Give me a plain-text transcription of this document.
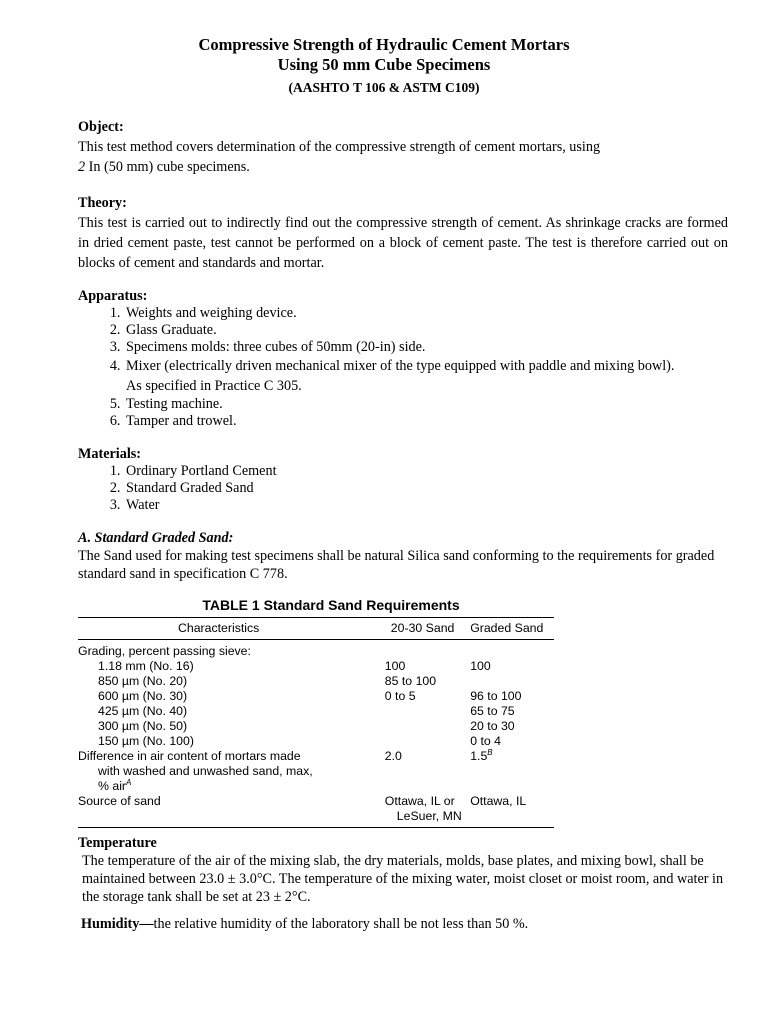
Compressive Strength of Hydraulic Cement Mortars
Using 50 mm Cube Specimens
(AASHTO T 106 & ASTM C109)

Object:

This test method covers determination of the compressive strength of cement mortars, using

2 In (50 mm) cube specimens.

Theory:

This test is carried out to indirectly find out the compressive strength of cement. As shrinkage cracks are formed in dried cement paste, test cannot be performed on a block of cement paste. The test is therefore carried out on blocks of cement and standards and mortar.

Apparatus:

1. Weights and weighing device.
2. Glass Graduate.
3. Specimens molds: three cubes of 50mm (20-in) side.
4. Mixer (electrically driven mechanical mixer of the type equipped with paddle and mixing bowl). As specified in Practice C 305.
5. Testing machine.
6. Tamper and trowel.

Materials:

1. Ordinary Portland Cement
2. Standard Graded Sand
3. Water

A. Standard Graded Sand:

The Sand used for making test specimens shall be natural Silica sand conforming to the requirements for graded standard sand in specification C 778.

TABLE 1 Standard Sand Requirements
Characteristics	20-30 Sand	Graded Sand
Grading, percent passing sieve:		
1.18 mm (No. 16)	100	100
850 µm (No. 20)	85 to 100	
600 µm (No. 30)	0 to 5	96 to 100
425 µm (No. 40)		65 to 75
300 µm (No. 50)		20 to 30
150 µm (No. 100)		0 to 4

Difference in air content of mortars made
with washed and unwashed sand, max,
% air$^A$	2.0	$1.5^B$
Source of sand	Ottawa, IL or
LeSuer, MN	Ottawa, IL

Temperature

The temperature of the air of the mixing slab, the dry materials, molds, base plates, and mixing bowl, shall be maintained between 23.0 ± 3.0°C. The temperature of the mixing water, moist closet or moist room, and water in the storage tank shall be set at 23 ± 2°C.

Humidity—the relative humidity of the laboratory shall be not less than 50 %.
